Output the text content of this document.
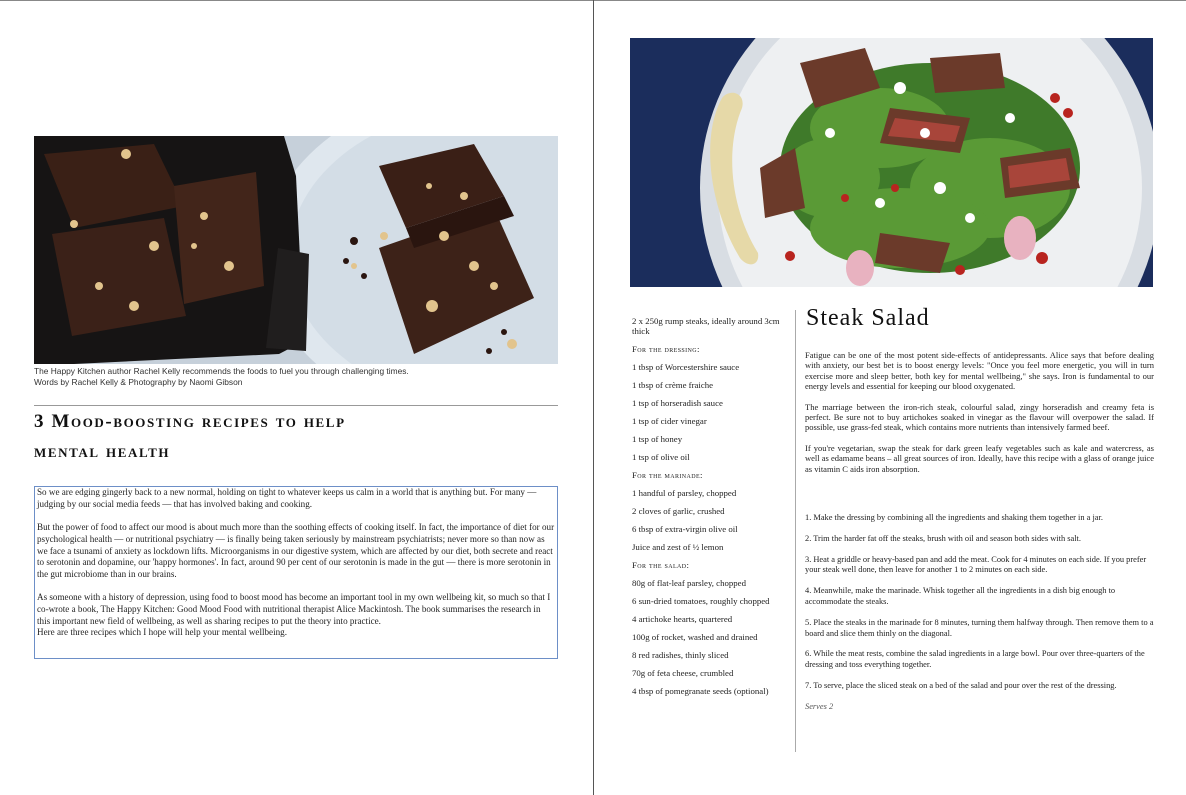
The Happy Kitchen author Rachel Kelly recommends the foods to fuel you through challenging times.
Words by Rachel Kelly & Photography by Naomi Gibson
3 Mood-boosting recipes to help
mental health

So we are edging gingerly back to a new normal, holding on tight to whatever keeps us calm in a world that is anything but. For many — judging by our social media feeds — that has involved baking and cooking.

But the power of food to affect our mood is about much more than the soothing effects of cooking itself. In fact, the importance of diet for our psychological health — or nutritional psychiatry — is finally being taken seriously by mainstream psychiatrists; never more so than now as we face a tsunami of anxiety as lockdown lifts. Microorganisms in our digestive system, which are affected by our diet, both secrete and react to serotonin and dopamine, our 'happy hormones'. In fact, around 90 per cent of our serotonin is made in the gut — there is more serotonin in the gut microbiome than in our brains.

As someone with a history of depression, using food to boost mood has become an important tool in my own wellbeing kit, so much so that I co-wrote a book, The Happy Kitchen: Good Mood Food with nutritional therapist Alice Mackintosh. The book summarises the research in this important new field of wellbeing, as well as sharing recipes to put the theory into practice.

Here are three recipes which I hope will help your mental wellbeing.

2 x 250g rump steaks, ideally around 3cm thick
For the dressing:
1 tbsp of Worcestershire sauce
1 tbsp of crème fraiche
1 tsp of horseradish sauce
1 tsp of cider vinegar
1 tsp of honey
1 tsp of olive oil
For the marinade:
1 handful of parsley, chopped
2 cloves of garlic, crushed
6 tbsp of extra-virgin olive oil
Juice and zest of ½ lemon
For the salad:
80g of flat-leaf parsley, chopped
6 sun-dried tomatoes, roughly chopped
4 artichoke hearts, quartered
100g of rocket, washed and drained
8 red radishes, thinly sliced
70g of feta cheese, crumbled
4 tbsp of pomegranate seeds (optional)
Steak Salad

Fatigue can be one of the most potent side-effects of antidepressants. Alice says that before dealing with anxiety, our best bet is to boost energy levels: "Once you feel more energetic, you will in turn exercise more and sleep better, both key for mental wellbeing," she says. Iron is fundamental to our energy levels and essential for keeping our blood oxygenated.

The marriage between the iron-rich steak, colourful salad, zingy horseradish and creamy feta is perfect. Be sure not to buy artichokes soaked in vinegar as the flavour will overpower the salad. If possible, use grass-fed steak, which contains more nutrients than intensively farmed beef.

If you're vegetarian, swap the steak for dark green leafy vegetables such as kale and watercress, as well as edamame beans – all great sources of iron. Ideally, have this recipe with a glass of orange juice as vitamin C aids iron absorption.

1. Make the dressing by combining all the ingredients and shaking them together in a jar.

2. Trim the harder fat off the steaks, brush with oil and season both sides with salt.

3. Heat a griddle or heavy-based pan and add the meat. Cook for 4 minutes on each side. If you prefer your steak well done, then leave for another 1 to 2 minutes on each side.

4. Meanwhile, make the marinade. Whisk together all the ingredients in a dish big enough to accommodate the steaks.

5. Place the steaks in the marinade for 8 minutes, turning them halfway through. Then remove them to a board and slice them thinly on the diagonal.

6. While the meat rests, combine the salad ingredients in a large bowl. Pour over three-quarters of the dressing and toss everything together.

7. To serve, place the sliced steak on a bed of the salad and pour over the rest of the dressing.

Serves 2
